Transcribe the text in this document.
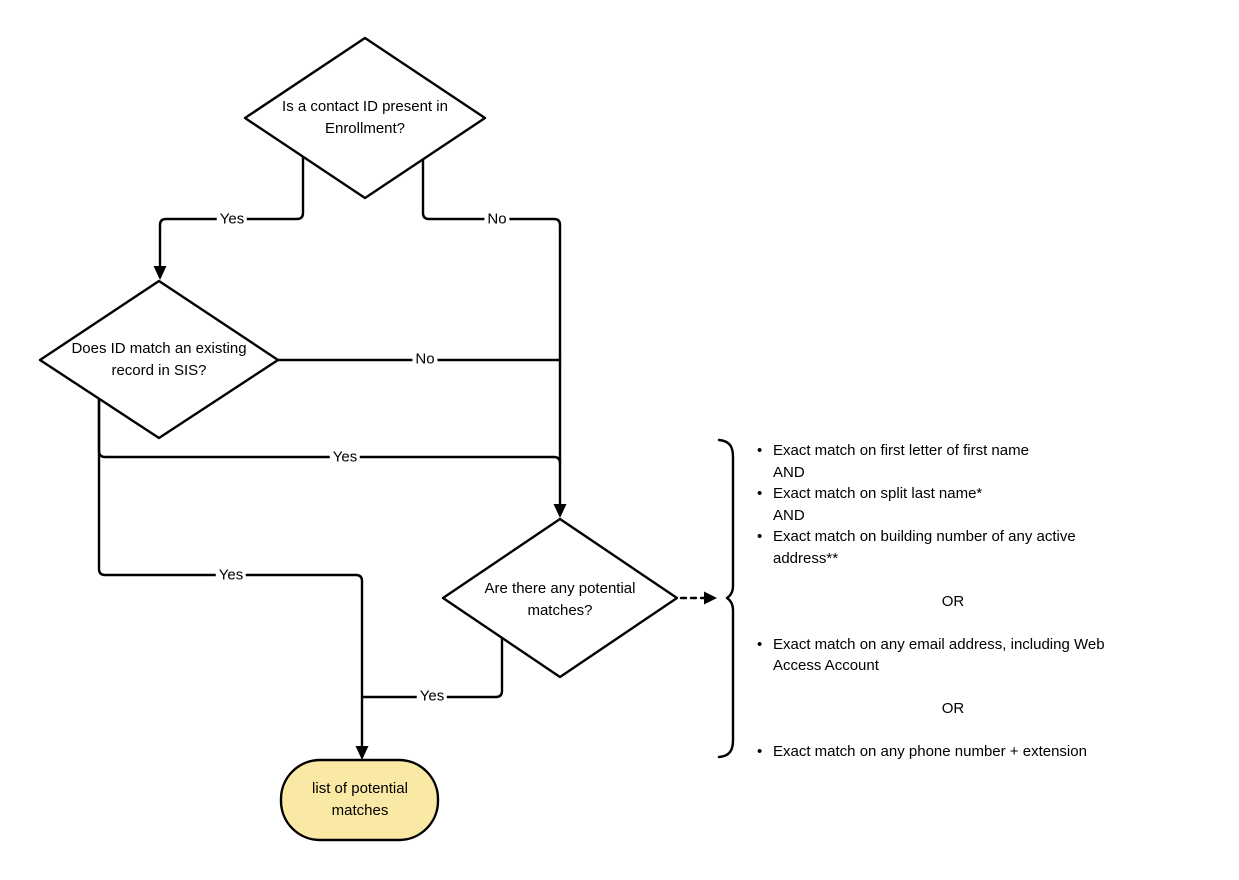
Is a contact ID present in
Enrollment?
Does ID match an existing
record in SIS?
Are there any potential
matches?
list of potential
matches
Yes	No
No
Yes
Yes
Yes
•
Exact match on first letter of first name
AND
•
Exact match on split last name*
AND
•
Exact match on building number of any active
address**
OR
•
Exact match on any email address, including Web
Access Account
OR
•
Exact match on any phone number + extension
